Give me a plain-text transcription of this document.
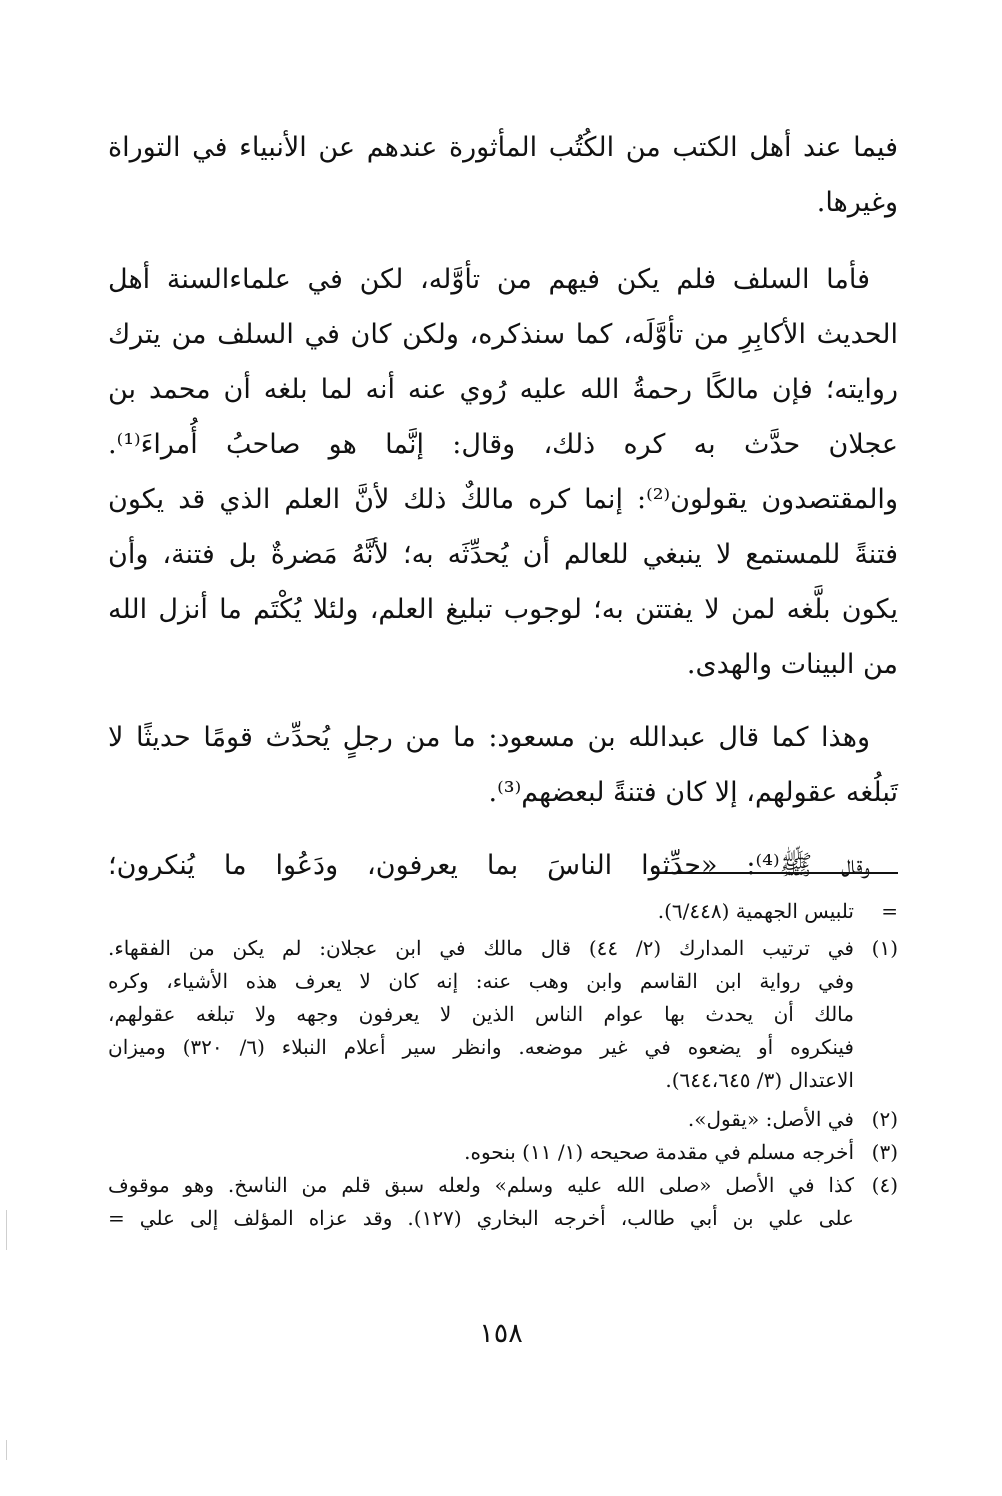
فيما عند أهل الكتب من الكُتُب المأثورة عندهم عن الأنبياء في التوراة
وغيرها.
فأما السلف فلم يكن فيهم من تأوَّله، لكن في علماءالسنة أهل
الحديث الأكابِرِ من تأوَّلَه، كما سنذكره، ولكن كان في السلف من يترك
روايته؛ فإن مالكًا رحمةُ الله عليه رُوي عنه أنه لما بلغه أن محمد بن
عجلان حدَّث به كره ذلك، وقال: إنَّما هو صاحبُ أُمراءَ⁽¹⁾.
والمقتصدون يقولون⁽²⁾: إنما كره مالكٌ ذلك لأنَّ العلم الذي قد يكون
فتنةً للمستمع لا ينبغي للعالم أن يُحدِّثَه به؛ لأنَّهُ مَضرةٌ بل فتنة، وأن
يكون بلَّغه لمن لا يفتتن به؛ لوجوب تبليغ العلم، ولئلا يُكْتَم ما أنزل الله
من البينات والهدى.
وهذا كما قال عبدالله بن مسعود: ما من رجلٍ يُحدِّث قومًا حديثًا لا
تَبلُغه عقولهم، إلا كان فتنةً لبعضهم⁽³⁾.
وقال ﷺ⁽⁴⁾: «حدِّثوا الناسَ بما يعرفون، ودَعُوا ما يُنكرون؛
=
تلبيس الجهمية (٦/٤٤٨).
(١)
في ترتيب المدارك (٢/ ٤٤) قال مالك في ابن عجلان: لم يكن من الفقهاء.
وفي رواية ابن القاسم وابن وهب عنه: إنه كان لا يعرف هذه الأشياء، وكره
مالك أن يحدث بها عوام الناس الذين لا يعرفون وجهه ولا تبلغه عقولهم،
فينكروه أو يضعوه في غير موضعه. وانظر سير أعلام النبلاء (٦/ ٣٢٠) وميزان
الاعتدال (٣/ ٦٤٤،٦٤٥).
(٢)
في الأصل: «يقول».
(٣)
أخرجه مسلم في مقدمة صحيحه (١/ ١١) بنحوه.
(٤)
كذا في الأصل «صلى الله عليه وسلم» ولعله سبق قلم من الناسخ. وهو موقوف
على علي بن أبي طالب، أخرجه البخاري (١٢٧). وقد عزاه المؤلف إلى علي =
١٥٨
